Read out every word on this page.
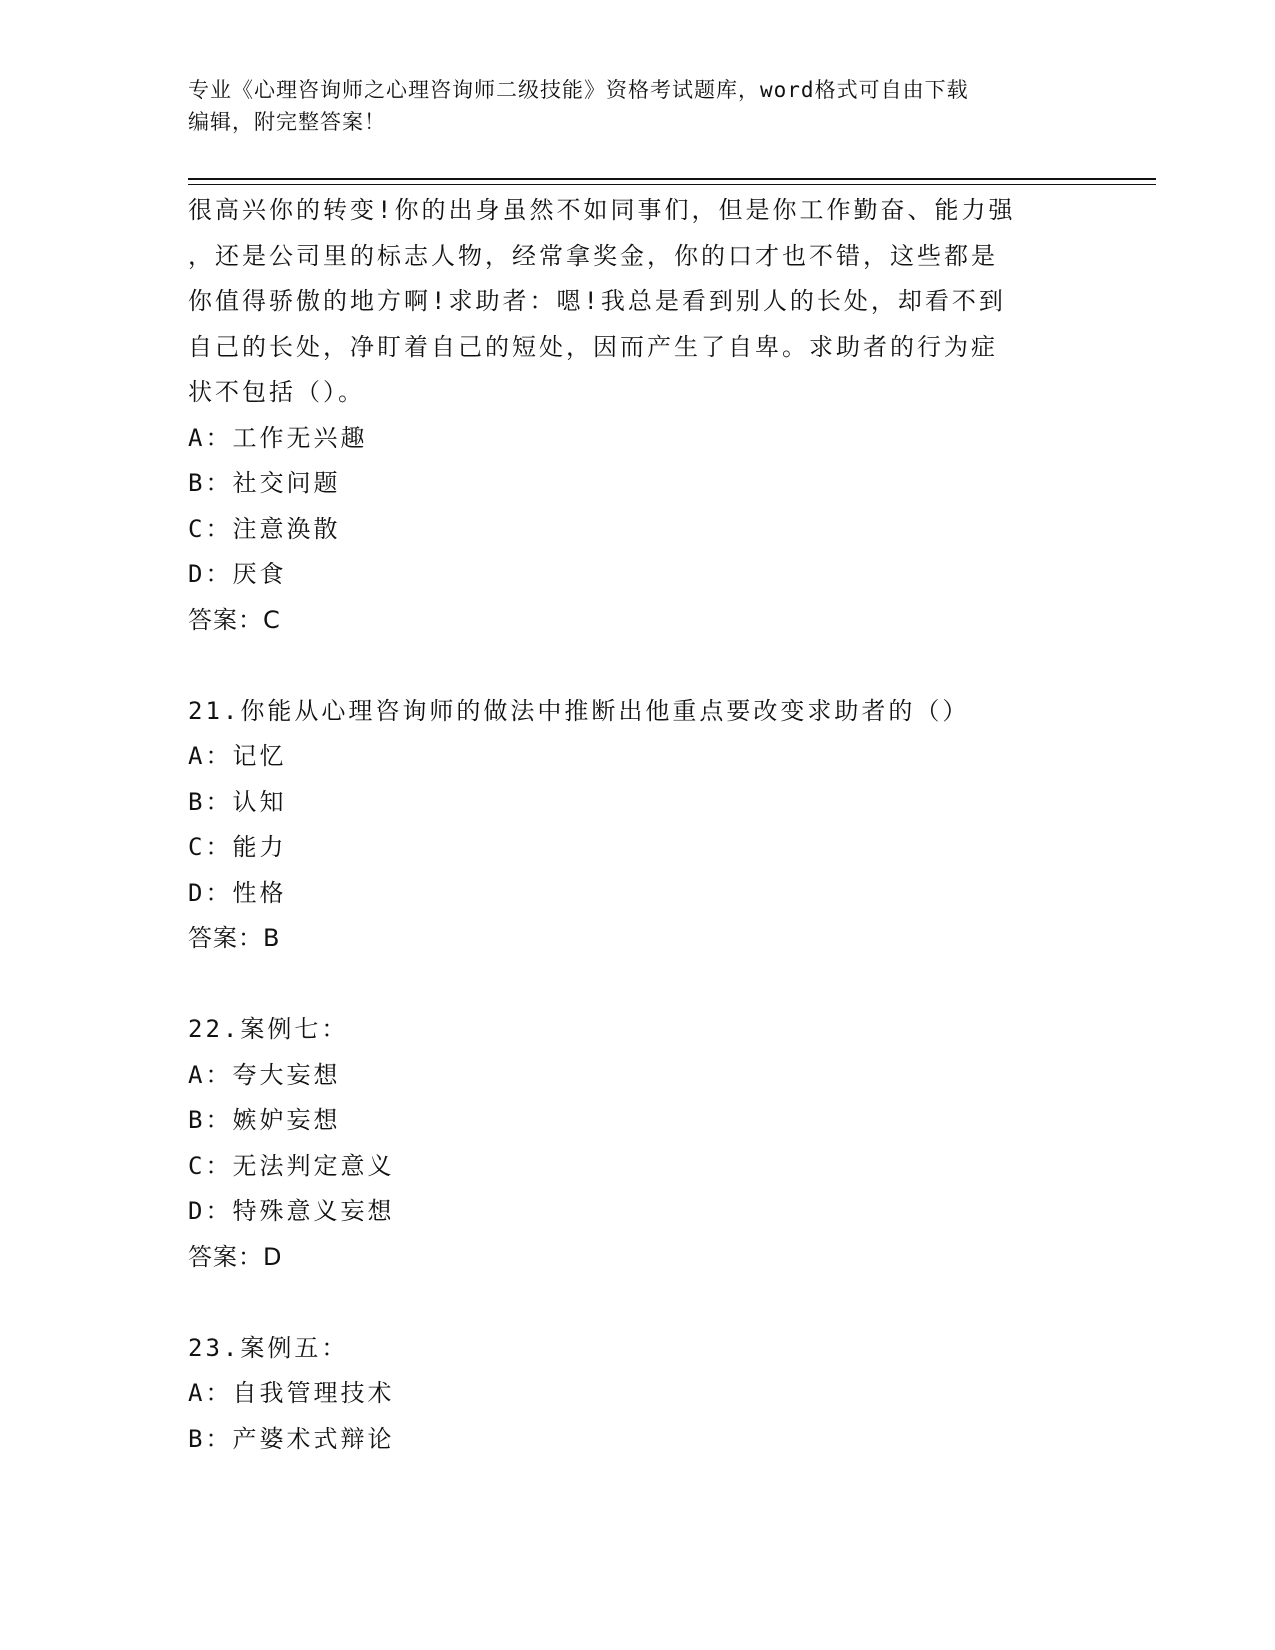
专业《心理咨询师之心理咨询师二级技能》资格考试题库，word格式可自由下载
编辑，附完整答案！
很高兴你的转变!你的出身虽然不如同事们，但是你工作勤奋、能力强
，还是公司里的标志人物，经常拿奖金，你的口才也不错，这些都是
你值得骄傲的地方啊!求助者：嗯!我总是看到别人的长处，却看不到
自己的长处，净盯着自己的短处，因而产生了自卑。求助者的行为症
状不包括（）。
A：工作无兴趣
B：社交问题
C：注意涣散
D：厌食
答案：C
21.你能从心理咨询师的做法中推断出他重点要改变求助者的（）
A：记忆
B：认知
C：能力
D：性格
答案：B
22.案例七：
A：夸大妄想
B：嫉妒妄想
C：无法判定意义
D：特殊意义妄想
答案：D
23.案例五：
A：自我管理技术
B：产婆术式辩论
